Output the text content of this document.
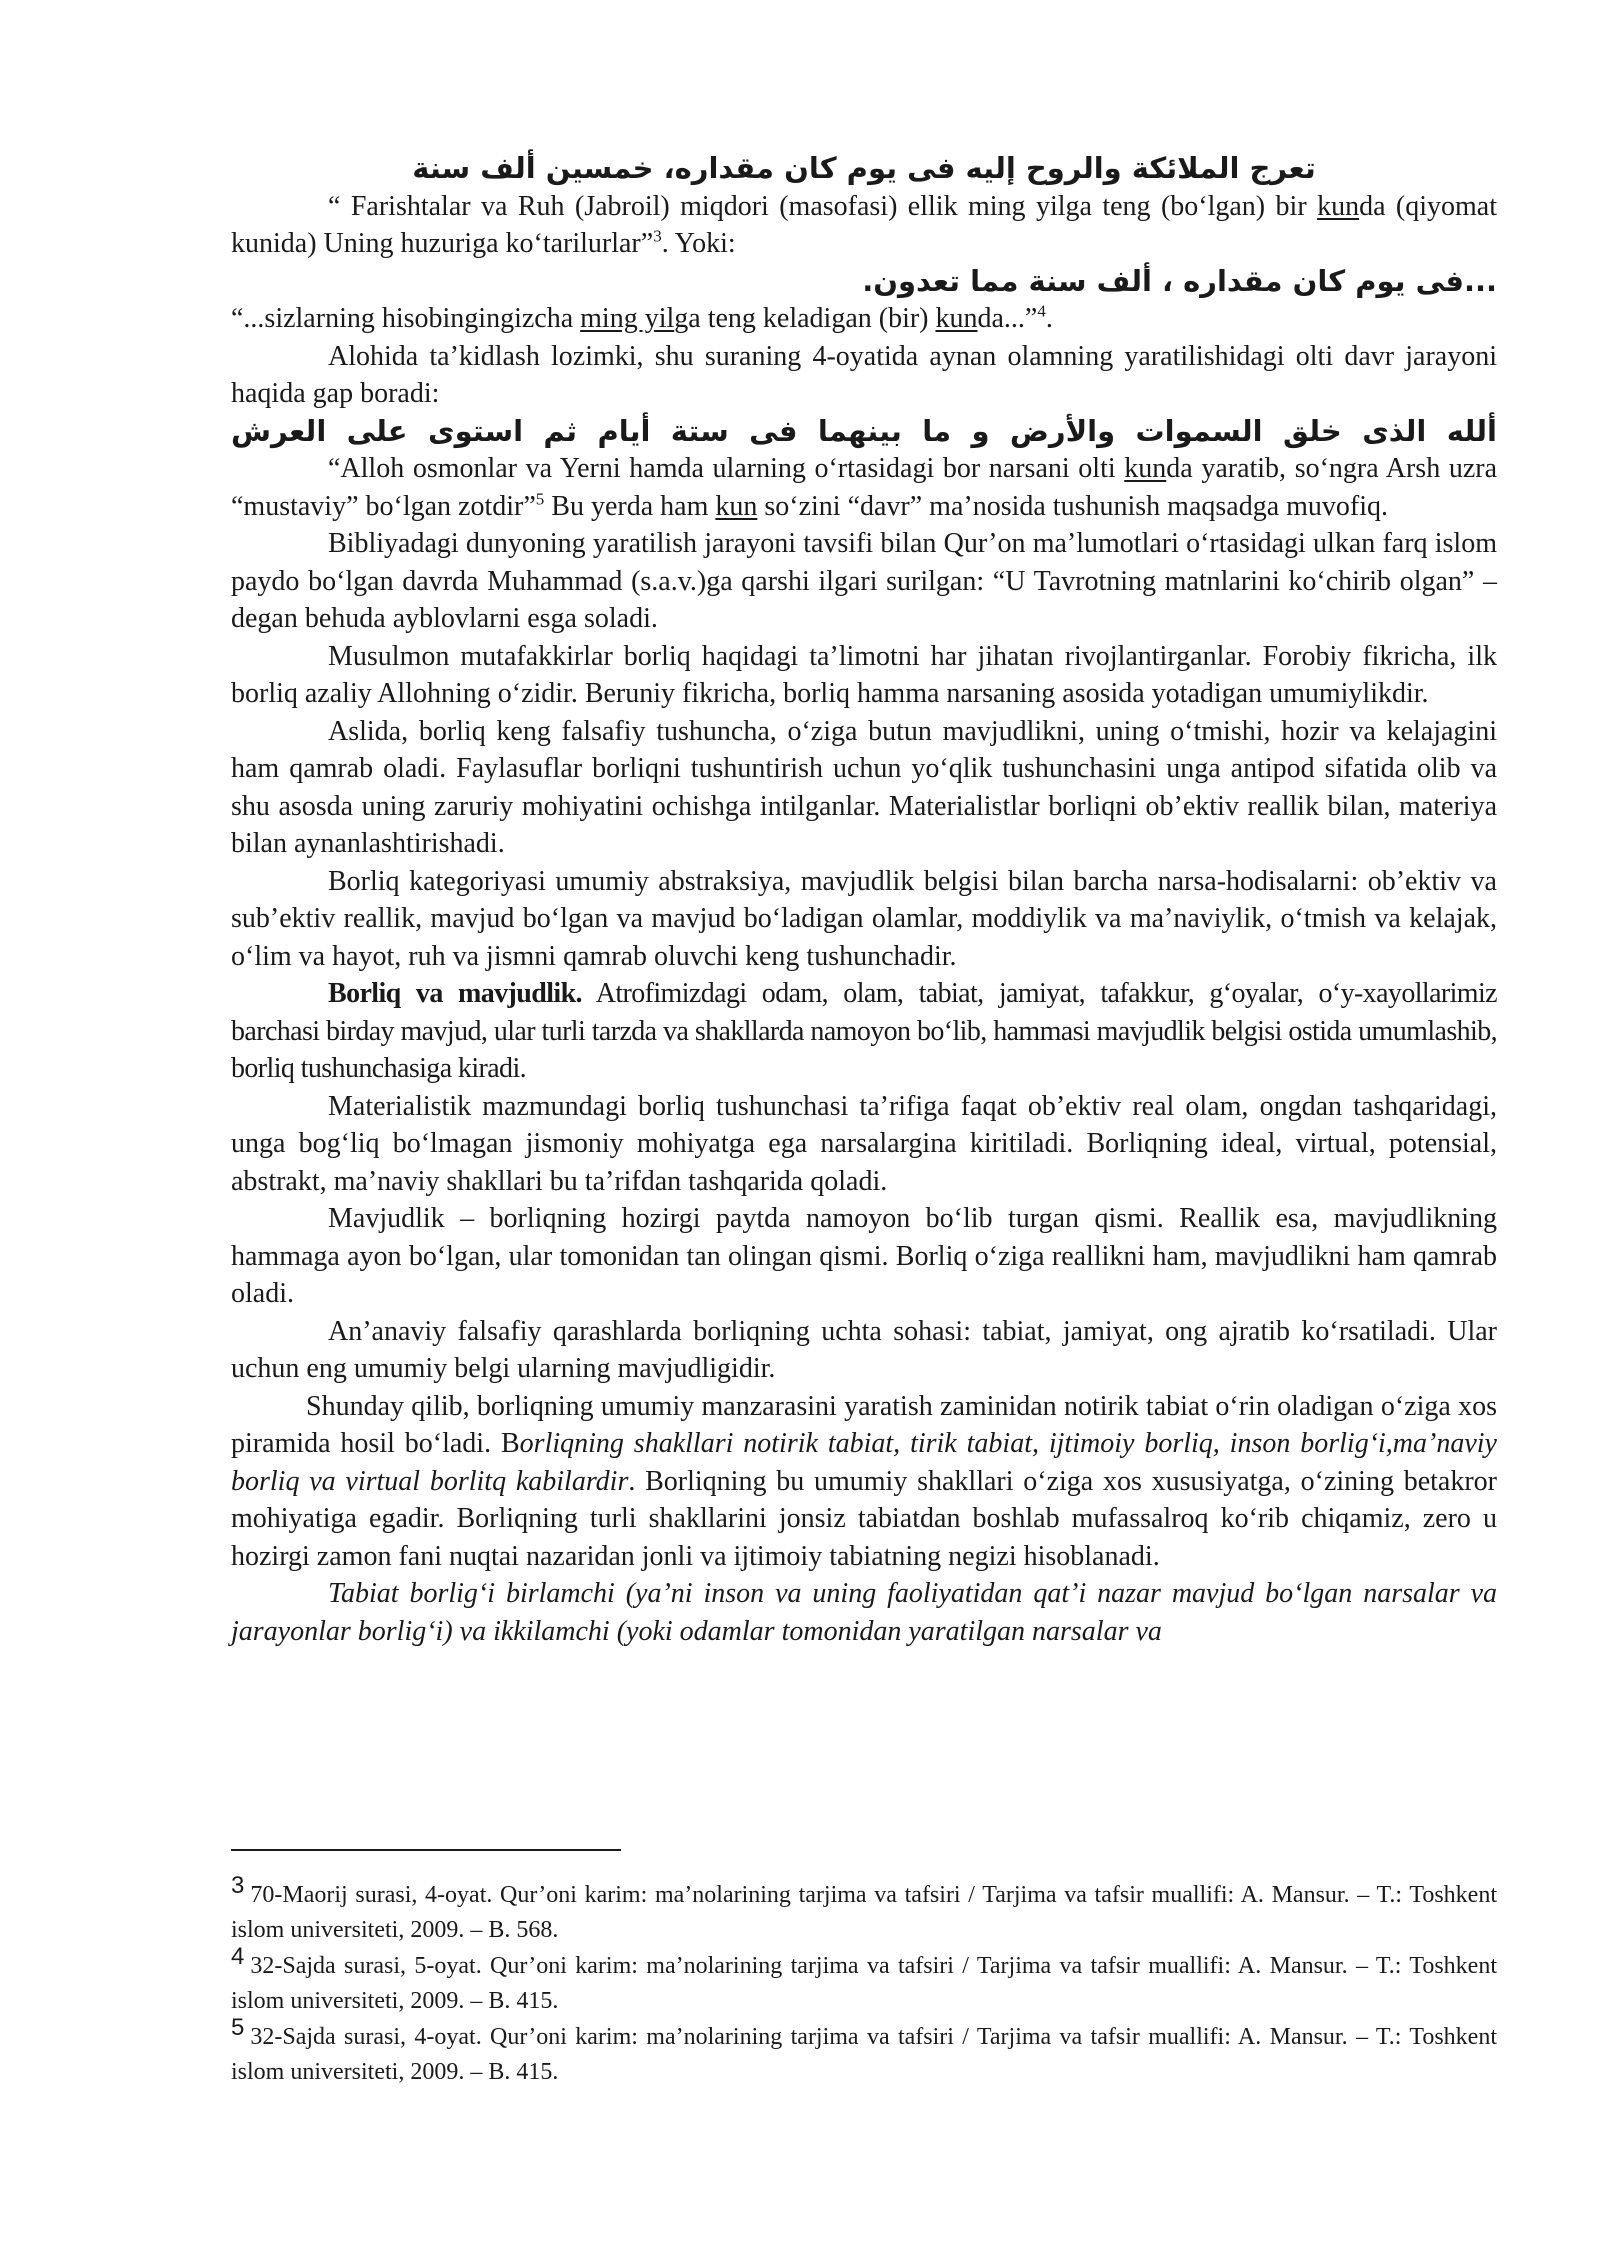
تعرج الملائكة والروح إليه فى يوم كان مقداره، خمسين ألف سنة

“ Farishtalar va Ruh (Jabroil) miqdori (masofasi) ellik ming yilga teng (bo‘lgan) bir kunda (qiyomat kunida) Uning huzuriga ko‘tarilurlar”$^3$. Yoki:

...فى يوم كان مقداره ، ألف سنة مما تعدون.

“...sizlarning hisobingingizcha ming yilga teng keladigan (bir) kunda...”$^4$.

Alohida ta’kidlash lozimki, shu suraning 4-oyatida aynan olamning yaratilishidagi olti davr jarayoni haqida gap boradi:

ألله الذى خلق السموات والأرض و ما بينهما فى ستة أيام ثم استوى على العرش

“Alloh osmonlar va Yerni hamda ularning o‘rtasidagi bor narsani olti kunda yaratib, so‘ngra Arsh uzra “mustaviy” bo‘lgan zotdir”$^5$ Bu yerda ham kun so‘zini “davr” ma’nosida tushunish maqsadga muvofiq.

Bibliyadagi dunyoning yaratilish jarayoni tavsifi bilan Qur’on ma’lumotlari o‘rtasidagi ulkan farq islom paydo bo‘lgan davrda Muhammad (s.a.v.)ga qarshi ilgari surilgan: “U Tavrotning matnlarini ko‘chirib olgan” – degan behuda ayblovlarni esga soladi.

Musulmon mutafakkirlar borliq haqidagi ta’limotni har jihatan rivojlantirganlar. Forobiy fikricha, ilk borliq azaliy Allohning o‘zidir. Beruniy fikricha, borliq hamma narsaning asosida yotadigan umumiylikdir.

Aslida, borliq keng falsafiy tushuncha, o‘ziga butun mavjudlikni, uning o‘tmishi, hozir va kelajagini ham qamrab oladi. Faylasuflar borliqni tushuntirish uchun yo‘qlik tushunchasini unga antipod sifatida olib va shu asosda uning zaruriy mohiyatini ochishga intilganlar. Materialistlar borliqni ob’ektiv reallik bilan, materiya bilan aynanlashtirishadi.

Borliq kategoriyasi umumiy abstraksiya, mavjudlik belgisi bilan barcha narsa-hodisalarni: ob’ektiv va sub’ektiv reallik, mavjud bo‘lgan va mavjud bo‘ladigan olamlar, moddiylik va ma’naviylik, o‘tmish va kelajak, o‘lim va hayot, ruh va jismni qamrab oluvchi keng tushunchadir.

Borliq va mavjudlik. Atrofimizdagi odam, olam, tabiat, jamiyat, tafakkur, g‘oyalar, o‘y-xayollarimiz barchasi birday mavjud, ular turli tarzda va shakllarda namoyon bo‘lib, hammasi mavjudlik belgisi ostida umumlashib, borliq tushunchasiga kiradi.

Materialistik mazmundagi borliq tushunchasi ta’rifiga faqat ob’ektiv real olam, ongdan tashqaridagi, unga bog‘liq bo‘lmagan jismoniy mohiyatga ega narsalargina kiritiladi. Borliqning ideal, virtual, potensial, abstrakt, ma’naviy shakllari bu ta’rifdan tashqarida qoladi.

Mavjudlik – borliqning hozirgi paytda namoyon bo‘lib turgan qismi. Reallik esa, mavjudlikning hammaga ayon bo‘lgan, ular tomonidan tan olingan qismi. Borliq o‘ziga reallikni ham, mavjudlikni ham qamrab oladi.

An’anaviy falsafiy qarashlarda borliqning uchta sohasi: tabiat, jamiyat, ong ajratib ko‘rsatiladi. Ular uchun eng umumiy belgi ularning mavjudligidir.

Shunday qilib, borliqning umumiy manzarasini yaratish zaminidan notirik tabiat o‘rin oladigan o‘ziga xos piramida hosil bo‘ladi. Borliqning shakllari notirik tabiat, tirik tabiat, ijtimoiy borliq, inson borlig‘i,ma’naviy borliq va virtual borlitq kabilardir. Borliqning bu umumiy shakllari o‘ziga xos xususiyatga, o‘zining betakror mohiyatiga egadir. Borliqning turli shakllarini jonsiz tabiatdan boshlab mufassalroq ko‘rib chiqamiz, zero u hozirgi zamon fani nuqtai nazaridan jonli va ijtimoiy tabiatning negizi hisoblanadi.

Tabiat borlig‘i birlamchi (ya’ni inson va uning faoliyatidan qat’i nazar mavjud bo‘lgan narsalar va jarayonlar borlig‘i) va ikkilamchi (yoki odamlar tomonidan yaratilgan narsalar va

3 70-Maorij surasi, 4-oyat. Qur’oni karim: ma’nolarining tarjima va tafsiri / Tarjima va tafsir muallifi: A. Mansur. – T.: Toshkent islom universiteti, 2009. – B. 568.

4 32-Sajda surasi, 5-oyat. Qur’oni karim: ma’nolarining tarjima va tafsiri / Tarjima va tafsir muallifi: A. Mansur. – T.: Toshkent islom universiteti, 2009. – B. 415.

5 32-Sajda surasi, 4-oyat. Qur’oni karim: ma’nolarining tarjima va tafsiri / Tarjima va tafsir muallifi: A. Mansur. – T.: Toshkent islom universiteti, 2009. – B. 415.
